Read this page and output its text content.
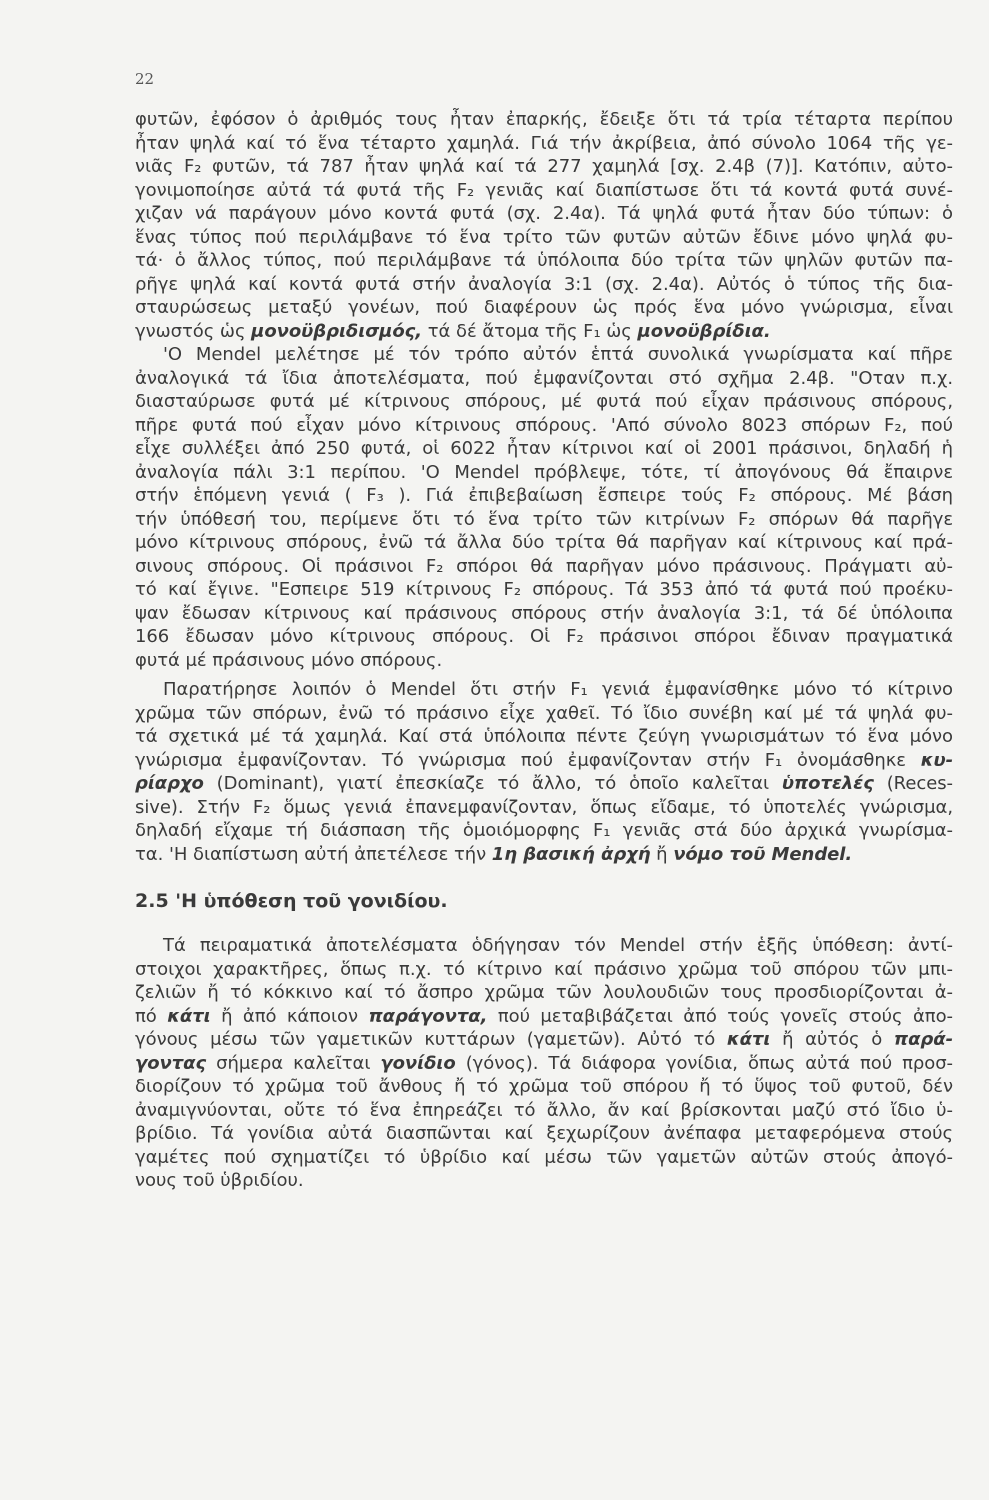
22
φυτῶν, ἐφόσον ὁ ἀριθμός τους ἦταν ἐπαρκής, ἔδειξε ὅτι τά τρία τέταρτα περίπου
ἦταν ψηλά καί τό ἕνα τέταρτο χαμηλά. Γιά τήν ἀκρίβεια, ἀπό σύνολο 1064 τῆς γε-
νιᾶς F₂ φυτῶν, τά 787 ἦταν ψηλά καί τά 277 χαμηλά [σχ. 2.4β (7)]. Κατόπιν, αὐτο-
γονιμοποίησε αὐτά τά φυτά τῆς F₂ γενιᾶς καί διαπίστωσε ὅτι τά κοντά φυτά συνέ-
χιζαν νά παράγουν μόνο κοντά φυτά (σχ. 2.4α). Τά ψηλά φυτά ἦταν δύο τύπων: ὁ
ἕνας τύπος πού περιλάμβανε τό ἕνα τρίτο τῶν φυτῶν αὐτῶν ἔδινε μόνο ψηλά φυ-
τά· ὁ ἄλλος τύπος, πού περιλάμβανε τά ὑπόλοιπα δύο τρίτα τῶν ψηλῶν φυτῶν πα-
ρῆγε ψηλά καί κοντά φυτά στήν ἀναλογία 3:1 (σχ. 2.4α). Αὐτός ὁ τύπος τῆς δια-
σταυρώσεως μεταξύ γονέων, πού διαφέρουν ὡς πρός ἕνα μόνο γνώρισμα, εἶναι
γνωστός ὡς μονοϋβριδισμός, τά δέ ἄτομα τῆς F₁ ὡς μονοϋβρίδια.
'Ο Mendel μελέτησε μέ τόν τρόπο αὐτόν ἑπτά συνολικά γνωρίσματα καί πῆρε
ἀναλογικά τά ἴδια ἀποτελέσματα, πού ἐμφανίζονται στό σχῆμα 2.4β. "Οταν π.χ.
διασταύρωσε φυτά μέ κίτρινους σπόρους, μέ φυτά πού εἶχαν πράσινους σπόρους,
πῆρε φυτά πού εἶχαν μόνο κίτρινους σπόρους. 'Από σύνολο 8023 σπόρων F₂, πού
εἶχε συλλέξει ἀπό 250 φυτά, οἱ 6022 ἦταν κίτρινοι καί οἱ 2001 πράσινοι, δηλαδή ἡ
ἀναλογία πάλι 3:1 περίπου. 'Ο Mendel πρόβλεψε, τότε, τί ἀπογόνους θά ἔπαιρνε
στήν ἑπόμενη γενιά ( F₃ ). Γιά ἐπιβεβαίωση ἔσπειρε τούς F₂ σπόρους. Μέ βάση
τήν ὑπόθεσή του, περίμενε ὅτι τό ἕνα τρίτο τῶν κιτρίνων F₂ σπόρων θά παρῆγε
μόνο κίτρινους σπόρους, ἐνῶ τά ἄλλα δύο τρίτα θά παρῆγαν καί κίτρινους καί πρά-
σινους σπόρους. Οἱ πράσινοι F₂ σπόροι θά παρῆγαν μόνο πράσινους. Πράγματι αὐ-
τό καί ἔγινε. "Εσπειρε 519 κίτρινους F₂ σπόρους. Τά 353 ἀπό τά φυτά πού προέκυ-
ψαν ἔδωσαν κίτρινους καί πράσινους σπόρους στήν ἀναλογία 3:1, τά δέ ὑπόλοιπα
166 ἔδωσαν μόνο κίτρινους σπόρους. Οἱ F₂ πράσινοι σπόροι ἔδιναν πραγματικά
φυτά μέ πράσινους μόνο σπόρους.
Παρατήρησε λοιπόν ὁ Mendel ὅτι στήν F₁ γενιά ἐμφανίσθηκε μόνο τό κίτρινο
χρῶμα τῶν σπόρων, ἐνῶ τό πράσινο εἶχε χαθεῖ. Τό ἴδιο συνέβη καί μέ τά ψηλά φυ-
τά σχετικά μέ τά χαμηλά. Καί στά ὑπόλοιπα πέντε ζεύγη γνωρισμάτων τό ἕνα μόνο
γνώρισμα ἐμφανίζονταν. Τό γνώρισμα πού ἐμφανίζονταν στήν F₁ ὀνομάσθηκε κυ-
ρίαρχο (Dominant), γιατί ἐπεσκίαζε τό ἄλλο, τό ὁποῖο καλεῖται ὑποτελές (Reces-
sive). Στήν F₂ ὅμως γενιά ἐπανεμφανίζονταν, ὅπως εἴδαμε, τό ὑποτελές γνώρισμα,
δηλαδή εἴχαμε τή διάσπαση τῆς ὁμοιόμορφης F₁ γενιᾶς στά δύο ἀρχικά γνωρίσμα-
τα. 'Η διαπίστωση αὐτή ἀπετέλεσε τήν 1η βασική ἀρχή ἤ νόμο τοῦ Mendel.
2.5 'Η ὑπόθεση τοῦ γονιδίου.
Τά πειραματικά ἀποτελέσματα ὁδήγησαν τόν Mendel στήν ἑξῆς ὑπόθεση: ἀντί-
στοιχοι χαρακτῆρες, ὅπως π.χ. τό κίτρινο καί πράσινο χρῶμα τοῦ σπόρου τῶν μπι-
ζελιῶν ἤ τό κόκκινο καί τό ἄσπρο χρῶμα τῶν λουλουδιῶν τους προσδιορίζονται ἀ-
πό κάτι ἤ ἀπό κάποιον παράγοντα, πού μεταβιβάζεται ἀπό τούς γονεῖς στούς ἀπο-
γόνους μέσω τῶν γαμετικῶν κυττάρων (γαμετῶν). Αὐτό τό κάτι ἤ αὐτός ὁ παρά-
γοντας σήμερα καλεῖται γονίδιο (γόνος). Τά διάφορα γονίδια, ὅπως αὐτά πού προσ-
διορίζουν τό χρῶμα τοῦ ἄνθους ἤ τό χρῶμα τοῦ σπόρου ἤ τό ὕψος τοῦ φυτοῦ, δέν
ἀναμιγνύονται, οὔτε τό ἕνα ἐπηρεάζει τό ἄλλο, ἄν καί βρίσκονται μαζύ στό ἴδιο ὑ-
βρίδιο. Τά γονίδια αὐτά διασπῶνται καί ξεχωρίζουν ἀνέπαφα μεταφερόμενα στούς
γαμέτες πού σχηματίζει τό ὑβρίδιο καί μέσω τῶν γαμετῶν αὐτῶν στούς ἀπογό-
νους τοῦ ὑβριδίου.
